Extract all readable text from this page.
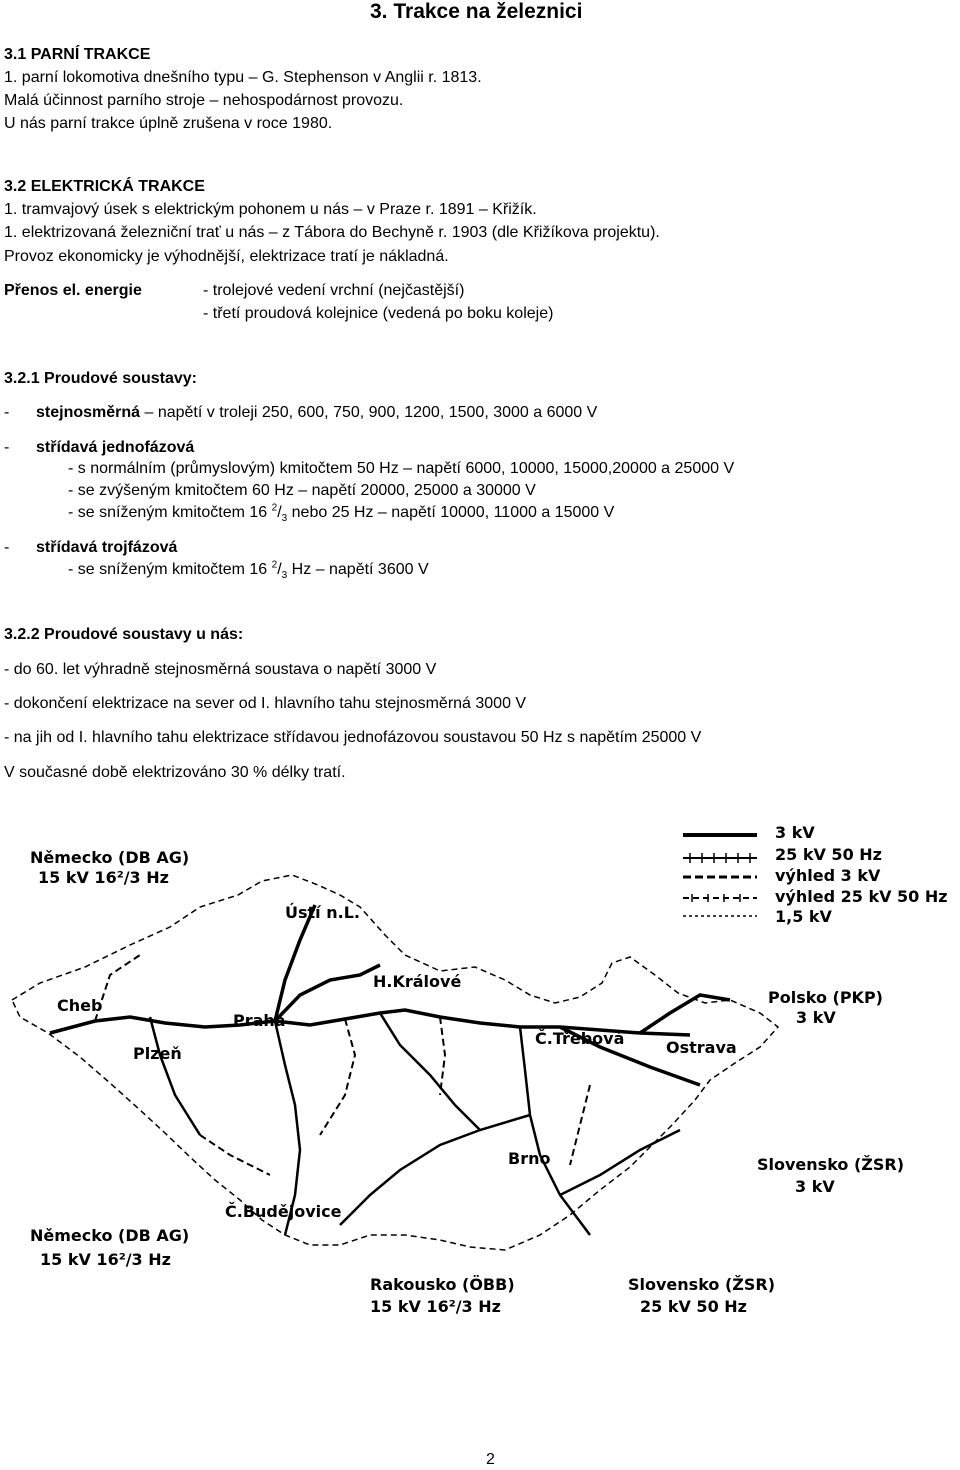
3. Trakce na železnici
3.1 PARNÍ TRAKCE
1. parní lokomotiva dnešního typu – G. Stephenson v Anglii r. 1813.
Malá účinnost parního stroje – nehospodárnost provozu.
U nás parní trakce úplně zrušena v roce 1980.
3.2 ELEKTRICKÁ TRAKCE
1. tramvajový úsek s elektrickým pohonem u nás – v Praze r. 1891 – Křižík.
1. elektrizovaná železniční trať u nás – z Tábora do Bechyně r. 1903 (dle Křižíkova projektu).
Provoz ekonomicky je výhodnější, elektrizace tratí je nákladná.
Přenos el. energie	- trolejové vedení vrchní (nejčastější)
- třetí proudová kolejnice (vedená po boku koleje)
3.2.1 Proudové soustavy:
- stejnosměrná – napětí v troleji 250, 600, 750, 900, 1200, 1500, 3000 a 6000 V
- střídavá jednofázová
- s normálním (průmyslovým) kmitočtem 50 Hz – napětí 6000, 10000, 15000,20000 a 25000 V
- se zvýšeným kmitočtem 60 Hz – napětí 20000, 25000 a 30000 V
- se sníženým kmitočtem 16 $^2/_3$ nebo 25 Hz – napětí 10000, 11000 a 15000 V
- střídavá trojfázová
- se sníženým kmitočtem 16 $^2/_3$ Hz – napětí 3600 V
3.2.2 Proudové soustavy u nás:
- do 60. let výhradně stejnosměrná soustava o napětí 3000 V
- dokončení elektrizace na sever od I. hlavního tahu stejnosměrná 3000 V
- na jih od I. hlavního tahu elektrizace střídavou jednofázovou soustavou 50 Hz s napětím 25000 V
V současné době elektrizováno 30 % délky tratí.
3 kV
25 kV 50 Hz
výhled 3 kV
výhled 25 kV 50 Hz
1,5 kV
Německo (DB AG)
15 kV 16²/3 Hz
Ústí n.L.
H.Králové
Polsko (PKP)
3 kV
Cheb
Praha
Č.Třebová
Plzeň	Ostrava
Brno	Slovensko (ŽSR)
3 kV
Č.Budějovice
Německo (DB AG)
15 kV 16²/3 Hz
Rakousko (ÖBB)
15 kV 16²/3 Hz
Slovensko (ŽSR)
25 kV 50 Hz
2
